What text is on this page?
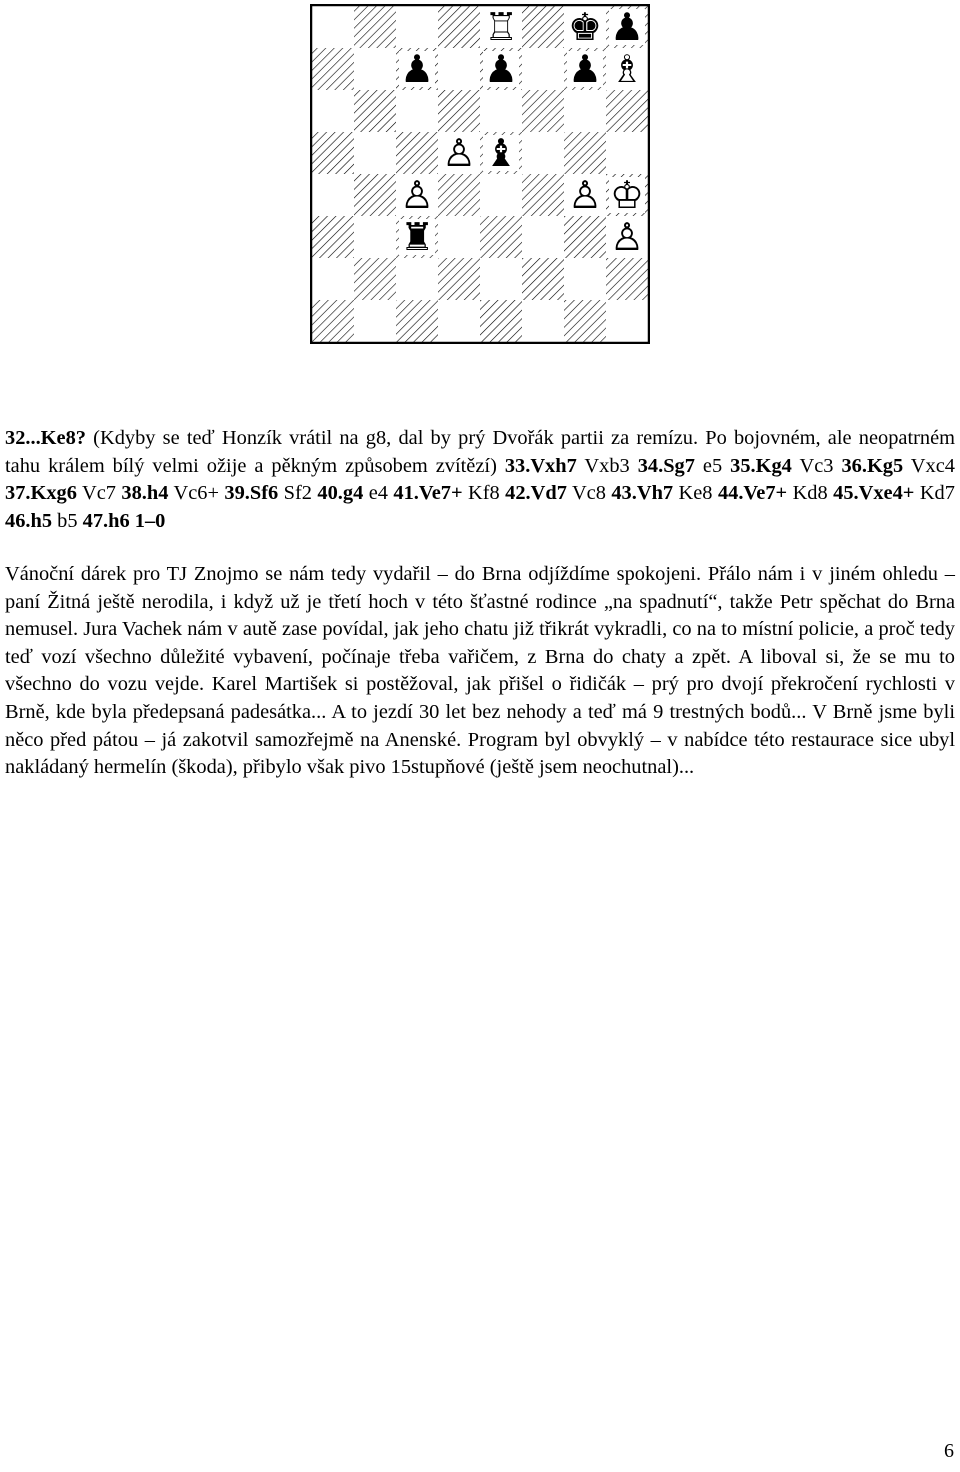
♖ ♚ ♟
♟ ♟ ♟ ♗
♙ ♝
♙	♙ ♔
♜	♙

32...Ke8? (Kdyby se teď Honzík vrátil na g8, dal by prý Dvořák partii za remízu. Po bojovném, ale neopatrném tahu králem bílý velmi ožije a pěkným způsobem zvítězí) 33.Vxh7 Vxb3 34.Sg7 e5 35.Kg4 Vc3 36.Kg5 Vxc4 37.Kxg6 Vc7 38.h4 Vc6+ 39.Sf6 Sf2 40.g4 e4 41.Ve7+ Kf8 42.Vd7 Vc8 43.Vh7 Ke8 44.Ve7+ Kd8 45.Vxe4+ Kd7 46.h5 b5 47.h6 1–0

Vánoční dárek pro TJ Znojmo se nám tedy vydařil – do Brna odjíždíme spokojeni. Přálo nám i v jiném ohledu – paní Žitná ještě nerodila, i když už je třetí hoch v této šťastné rodince „na spadnutí“, takže Petr spěchat do Brna nemusel. Jura Vachek nám v autě zase povídal, jak jeho chatu již třikrát vykradli, co na to místní policie, a proč tedy teď vozí všechno důležité vybavení, počínaje třeba vařičem, z Brna do chaty a zpět. A liboval si, že se mu to všechno do vozu vejde. Karel Martišek si postěžoval, jak přišel o řidičák – prý pro dvojí překročení rychlosti v Brně, kde byla předepsaná padesátka... A to jezdí 30 let bez nehody a teď má 9 trestných bodů... V Brně jsme byli něco před pátou – já zakotvil samozřejmě na Anenské. Program byl obvyklý – v nabídce této restaurace sice ubyl nakládaný hermelín (škoda), přibylo však pivo 15stupňové (ještě jsem neochutnal)...

6
